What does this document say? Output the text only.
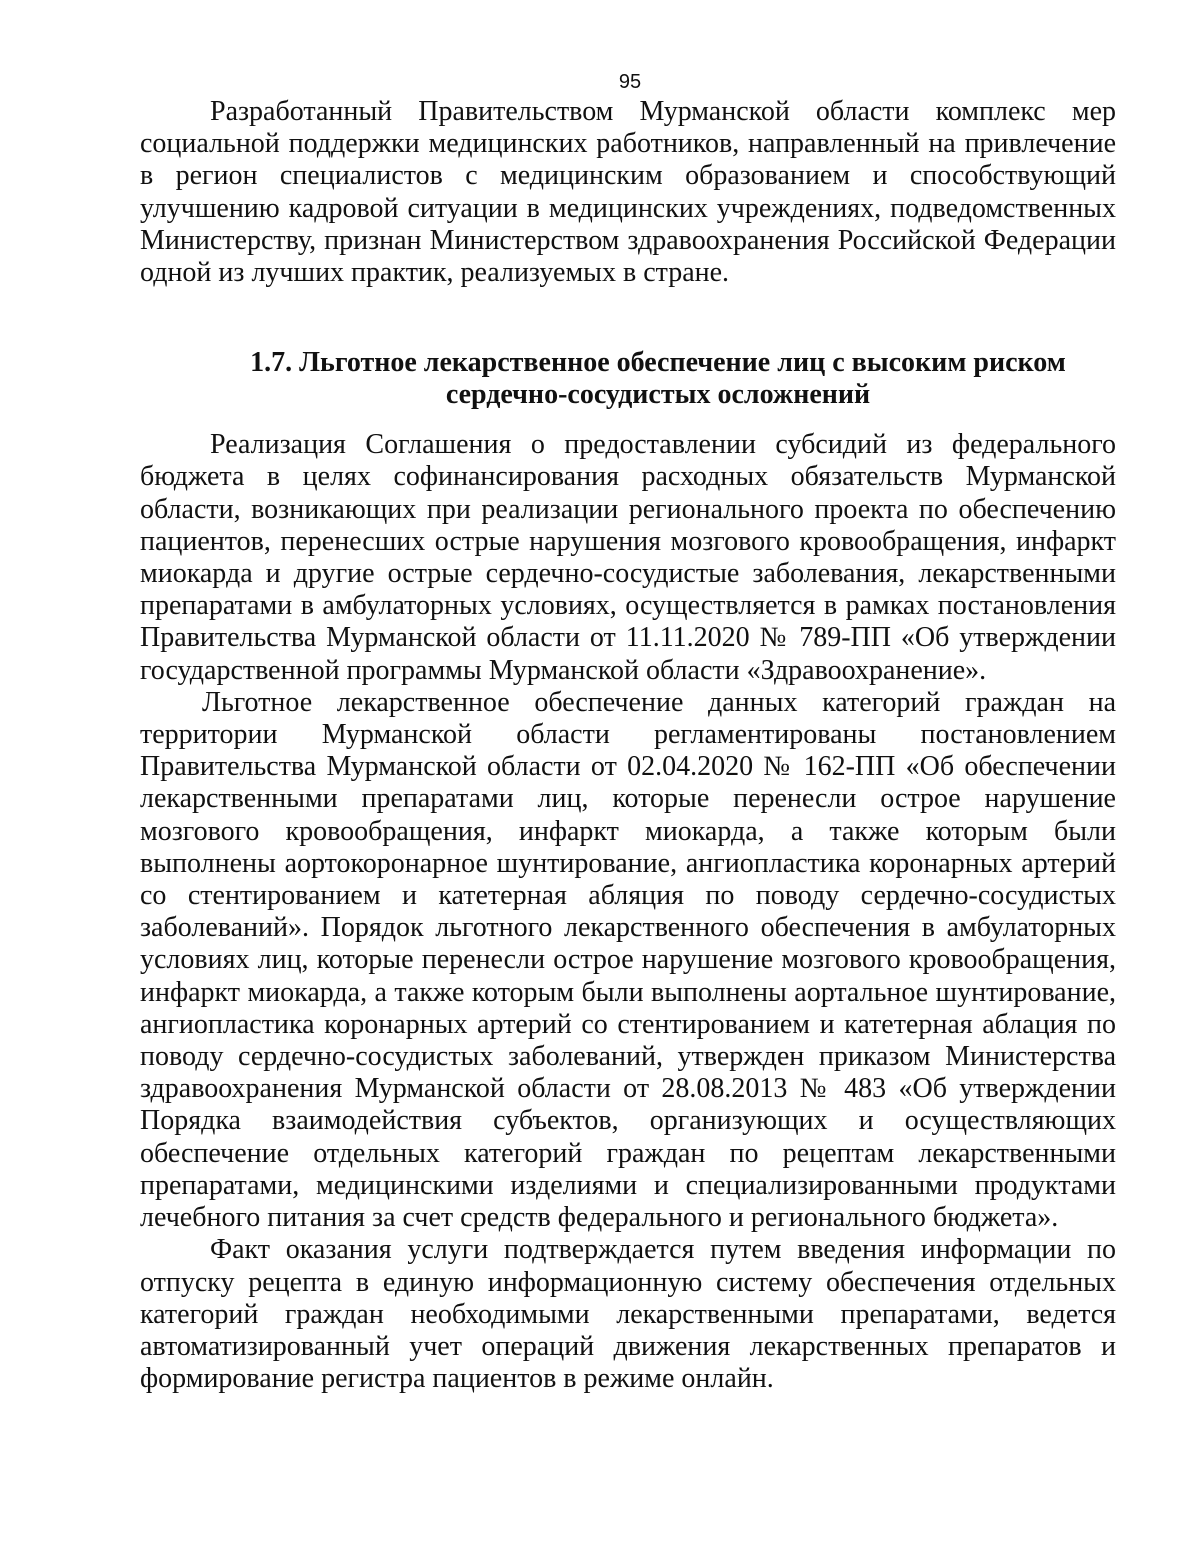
95

Разработанный Правительством Мурманской области комплекс мер социальной поддержки медицинских работников, направленный на привлечение в регион специалистов с медицинским образованием и способствующий улучшению кадровой ситуации в медицинских учреждениях, подведомственных Министерству, признан Министерством здравоохранения Российской Федерации одной из лучших практик, реализуемых в стране.

1.7. Льготное лекарственное обеспечение лиц с высоким риском
сердечно-сосудистых осложнений

Реализация Соглашения о предоставлении субсидий из федерального бюджета в целях софинансирования расходных обязательств Мурманской области, возникающих при реализации регионального проекта по обеспечению пациентов, перенесших острые нарушения мозгового кровообращения, инфаркт миокарда и другие острые сердечно-сосудистые заболевания, лекарственными препаратами в амбулаторных условиях, осуществляется в рамках постановления Правительства Мурманской области от 11.11.2020 № 789-ПП «Об утверждении государственной программы Мурманской области «Здравоохранение».

Льготное лекарственное обеспечение данных категорий граждан на территории Мурманской области регламентированы постановлением Правительства Мурманской области от 02.04.2020 № 162-ПП «Об обеспечении лекарственными препаратами лиц, которые перенесли острое нарушение мозгового кровообращения, инфаркт миокарда, а также которым были выполнены аортокоронарное шунтирование, ангиопластика коронарных артерий со стентированием и катетерная абляция по поводу сердечно-сосудистых заболеваний». Порядок льготного лекарственного обеспечения в амбулаторных условиях лиц, которые перенесли острое нарушение мозгового кровообращения, инфаркт миокарда, а также которым были выполнены аортальное шунтирование, ангиопластика коронарных артерий со стентированием и катетерная аблация по поводу сердечно-сосудистых заболеваний, утвержден приказом Министерства здравоохранения Мурманской области от 28.08.2013 № 483 «Об утверждении Порядка взаимодействия субъектов, организующих и осуществляющих обеспечение отдельных категорий граждан по рецептам лекарственными препаратами, медицинскими изделиями и специализированными продуктами лечебного питания за счет средств федерального и регионального бюджета».

Факт оказания услуги подтверждается путем введения информации по отпуску рецепта в единую информационную систему обеспечения отдельных категорий граждан необходимыми лекарственными препаратами, ведется автоматизированный учет операций движения лекарственных препаратов и формирование регистра пациентов в режиме онлайн.
